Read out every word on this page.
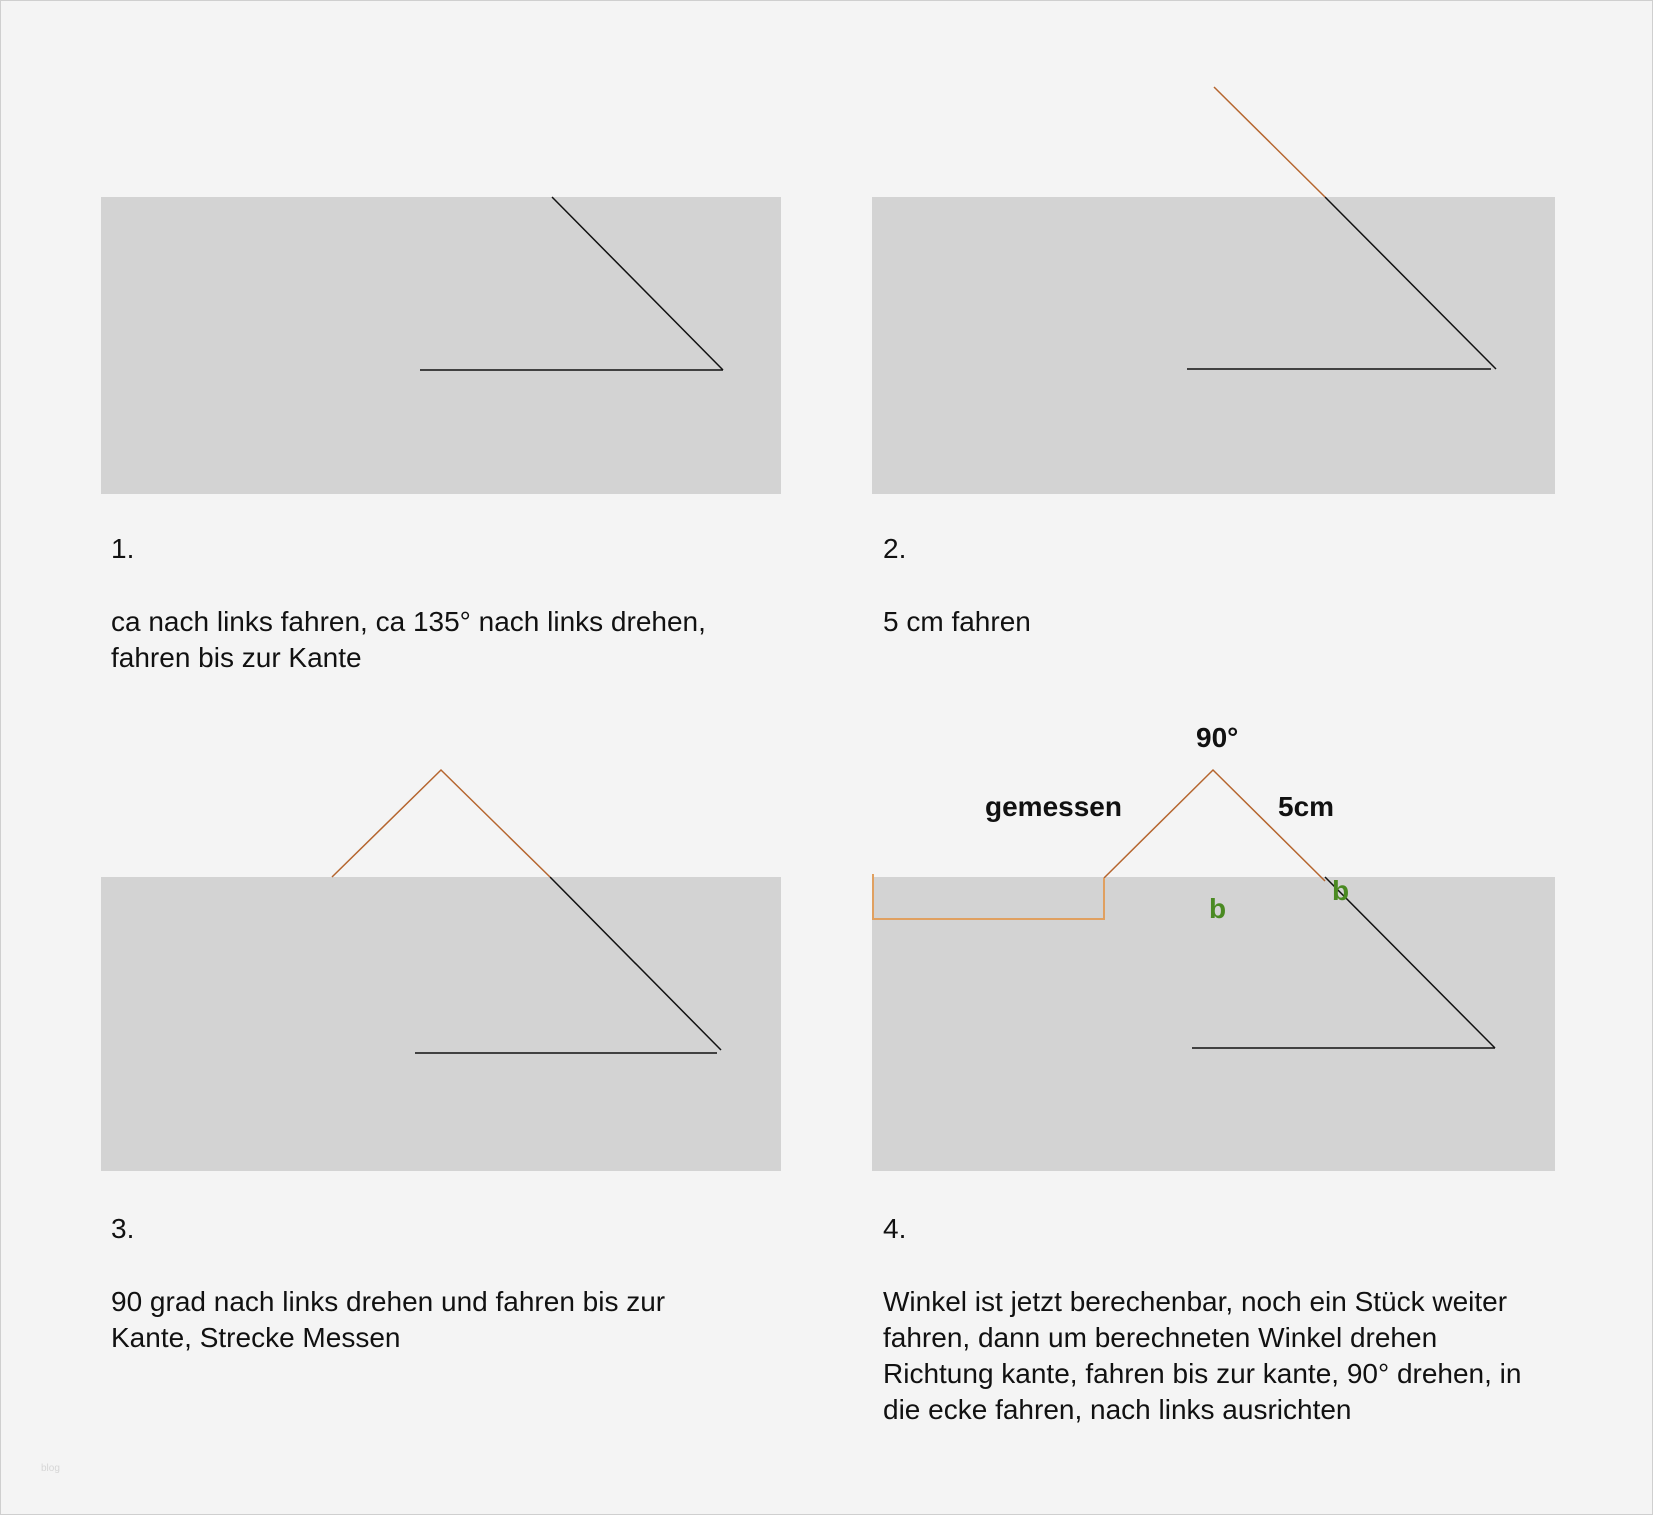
1.
ca nach links fahren, ca 135° nach links drehen, fahren bis zur Kante
2.
5 cm fahren
3.
90 grad nach links drehen und fahren bis zur Kante, Strecke Messen
4.
Winkel ist jetzt berechenbar, noch ein Stück weiter fahren, dann um berechneten Winkel drehen Richtung kante, fahren bis zur kante, 90° drehen, in die ecke fahren, nach links ausrichten
90°
gemessen	5cm
b
b
blog
